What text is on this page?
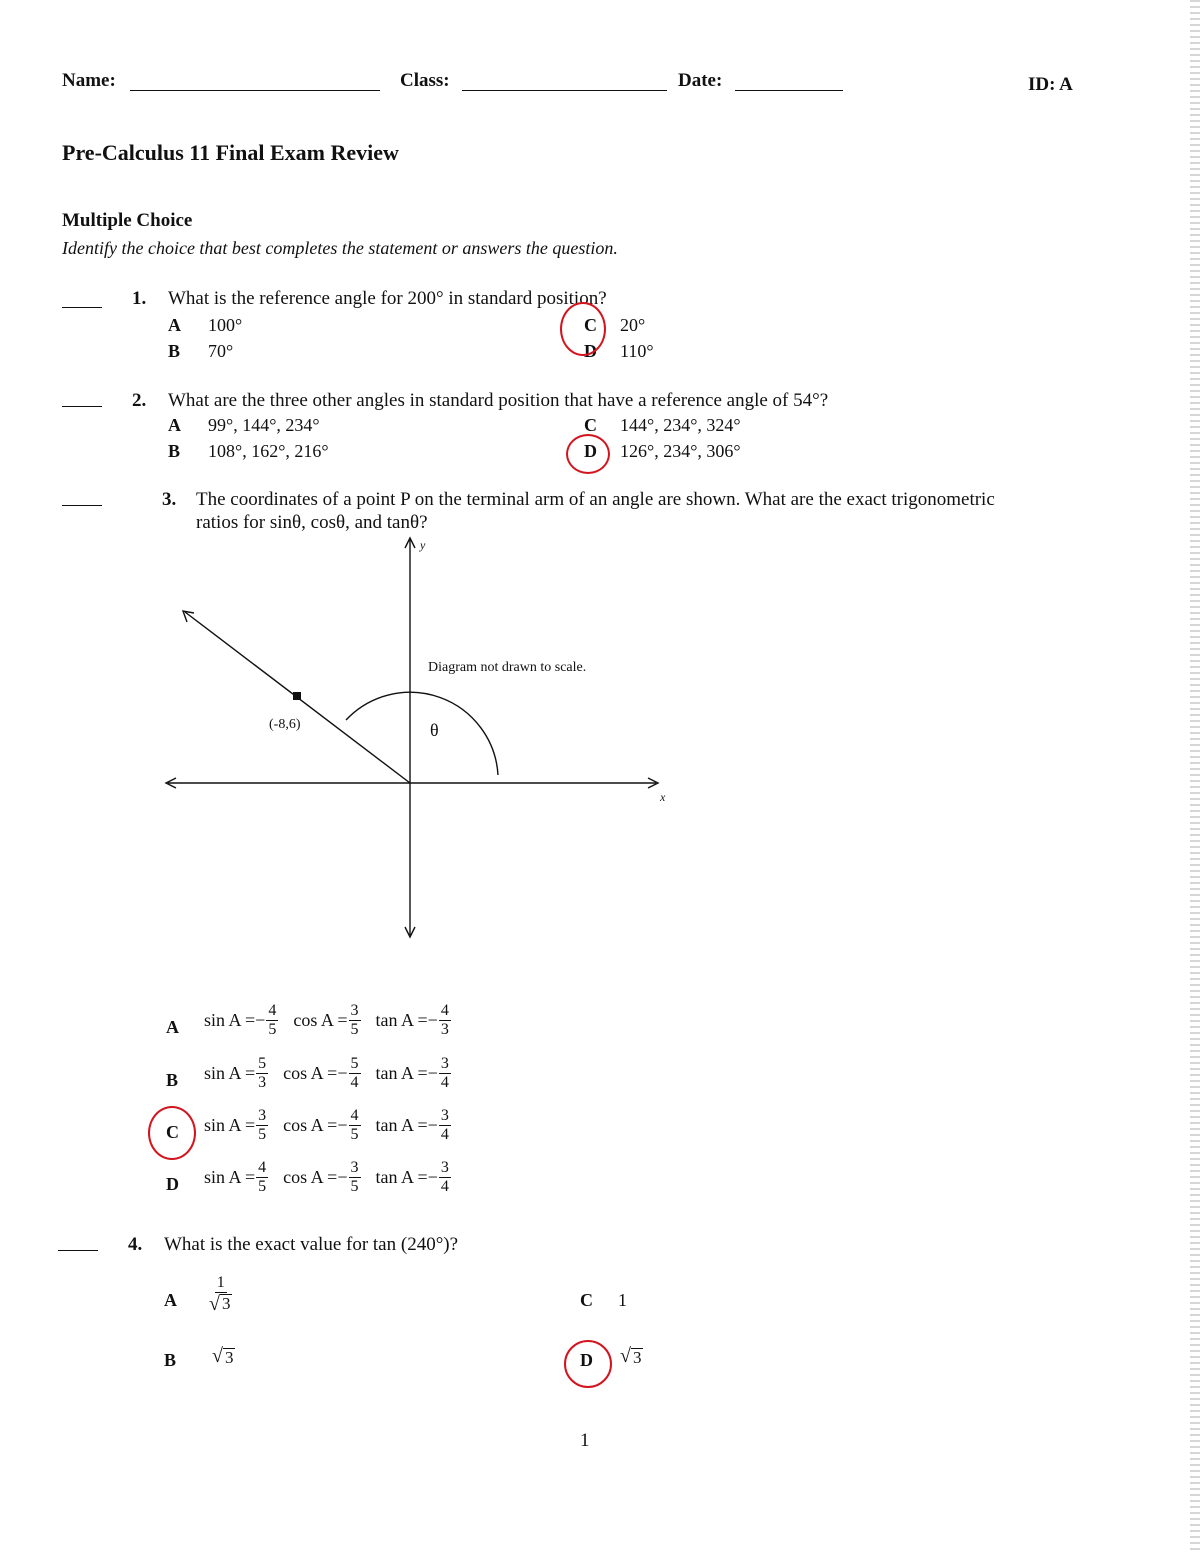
Name:	Class:	Date:	ID: A
Pre-Calculus 11 Final Exam Review
Multiple Choice
Identify the choice that best completes the statement or answers the question.
1. What is the reference angle for 200° in standard position?
A 100°
B 70°
C 20°
D 110°
2. What are the three other angles in standard position that have a reference angle of 54°?
A 99°, 144°, 234°
B 108°, 162°, 216°
C 144°, 234°, 324°
D 126°, 234°, 306°
3. The coordinates of a point P on the terminal arm of an angle are shown. What are the exact trigonometric
ratios for sinθ, cosθ, and tanθ?
Diagram not drawn to scale.
(-8,6)	θ
y
x
A sin A = − $\frac{4}{5}$ $\cos A = \frac{3}{5}$ tan A = − $\frac{4}{3}$
B $\sin A = \frac{5}{3}$ cos A = − $\frac{5}{4}$ tan A = − $\frac{3}{4}$
C $\sin A = \frac{3}{5}$ cos A = − $\frac{4}{5}$ tan A = − $\frac{3}{4}$
D $\sin A = \frac{4}{5}$ cos A = − $\frac{3}{5}$ tan A = − $\frac{3}{4}$
4. What is the exact value for tan (240°)?
A $\frac{1}{√ 3}$
B √ 3
C 1
D √ 3
1
